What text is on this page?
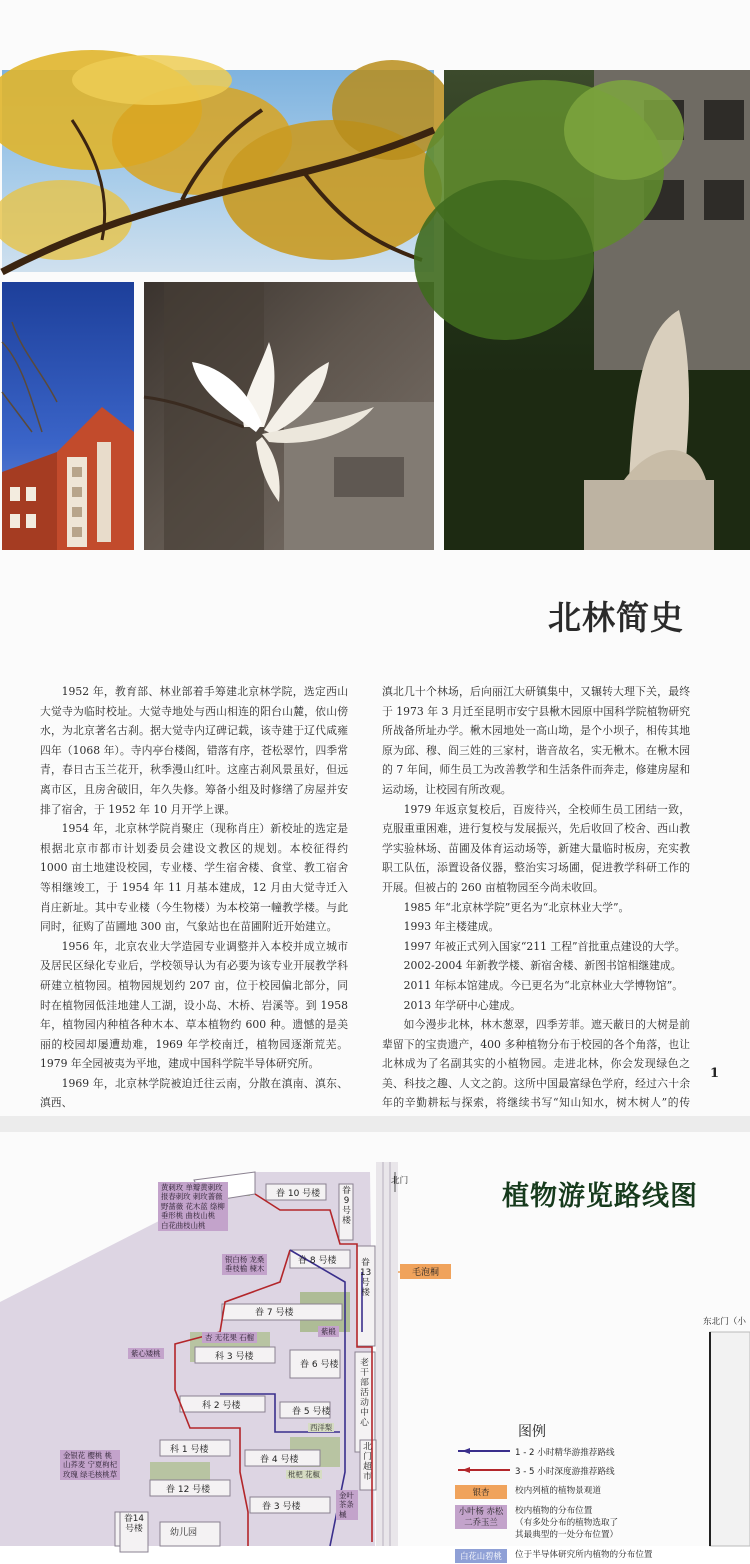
北林简史

1952 年，教育部、林业部着手筹建北京林学院，选定西山大觉寺为临时校址。大觉寺地处与西山相连的阳台山麓，依山傍水，为北京著名古刹。据大觉寺内辽碑记载，该寺建于辽代咸雍四年（1068 年）。寺内亭台楼阁，错落有序，苍松翠竹，四季常青，春日古玉兰花开，秋季漫山红叶。这座古刹风景虽好，但远离市区，且房舍破旧，年久失修。筹备小组及时修缮了房屋并安排了宿舍，于 1952 年 10 月开学上课。

1954 年，北京林学院肖聚庄（现称肖庄）新校址的选定是根据北京市都市计划委员会建设文教区的规划。本校征得约 1000 亩土地建设校园，专业楼、学生宿舍楼、食堂、教工宿舍等相继竣工，于 1954 年 11 月基本建成，12 月由大觉寺迁入肖庄新址。其中专业楼（今生物楼）为本校第一幢教学楼。与此同时，征购了苗圃地 300 亩，气象站也在苗圃附近开始建立。

1956 年，北京农业大学造园专业调整并入本校并成立城市及居民区绿化专业后，学校领导认为有必要为该专业开展教学科研建立植物园。植物园规划约 207 亩，位于校园偏北部分，同时在植物园低洼地建人工湖，设小岛、木桥、岩溪等。到 1958 年，植物园内种植各种木本、草本植物约 600 种。遗憾的是美丽的校园却屡遭劫难，1969 年学校南迁，植物园逐渐荒芜。1979 年全园被夷为平地，建成中国科学院半导体研究所。

1969 年，北京林学院被迫迁往云南，分散在滇南、滇东、滇西、

滇北几十个林场，后向丽江大研镇集中，又辗转大理下关，最终于 1973 年 3 月迁至昆明市安宁县楸木园原中国科学院植物研究所战备所址办学。楸木园地处一高山坳，是个小坝子，相传其地原为邱、穆、阎三姓的三家村，谐音故名，实无楸木。在楸木园的 7 年间，师生员工为改善教学和生活条件而奔走，修建房屋和运动场，让校园有所改观。

1979 年返京复校后，百废待兴，全校师生员工团结一致，克服重重困难，进行复校与发展振兴，先后收回了校舍、西山教学实验林场、苗圃及体育运动场等，新建大量临时板房，充实教职工队伍，添置设备仪器，整治实习场圃，促进教学科研工作的开展。但被占的 260 亩植物园至今尚未收回。

1985 年“北京林学院”更名为“北京林业大学”。

1993 年主楼建成。

1997 年被正式列入国家“211 工程”首批重点建设的大学。

2002-2004 年新教学楼、新宿舍楼、新图书馆相继建成。

2011 年标本馆建成。今已更名为“北京林业大学博物馆”。

2013 年学研中心建成。

如今漫步北林，林木葱翠，四季芳菲。遮天蔽日的大树是前辈留下的宝贵遗产，400 多种植物分布于校园的各个角落，也让北林成为了名副其实的小植物园。走进北林，你会发现绿色之美、科技之趣、人文之韵。这所中国最富绿色学府，经过六十余年的辛勤耕耘与探索，将继续书写“知山知水，树木树人”的传

1
植物游览路线图
北门
东北门（小
毛泡桐
眷 10 号楼 眷9号楼
眷 8 号楼	眷13号楼
眷 7 号楼
科 3 号楼
眷 6 号楼 老干部活动中心
科 2 号楼
眷 5 号楼
科 1 号楼
眷 4 号楼
北门超市
眷 12 号楼
眷 3 号楼
幼儿园
眷14号楼
黄刺玫 单瓣黄刺玫
报春刺玫 刺玫蔷薇
野蔷薇 花木蓝 绦柳
垂形桃 曲枝山桃
白花曲枝山桃
银白杨 龙桑
垂枝榆 楝木
杏 无花果 石榴
紫心矮桃
紫椴
西洋梨
金银花 樱桃 桃
山荞麦 宁夏枸杞
玫瑰 绿毛核桃草	枇杷 花椒
金叶 茶条槭
图例
1 - 2 小时精华游推荐路线
3 - 5 小时深度游推荐路线
银杏	校内列植的植物景观道
小叶杨 赤松
二乔玉兰
校内植物的分布位置
（有多处分布的植物选取了
其最典型的一处分布位置）
白花山碧桃	位于半导体研究所内植物的分布位置
